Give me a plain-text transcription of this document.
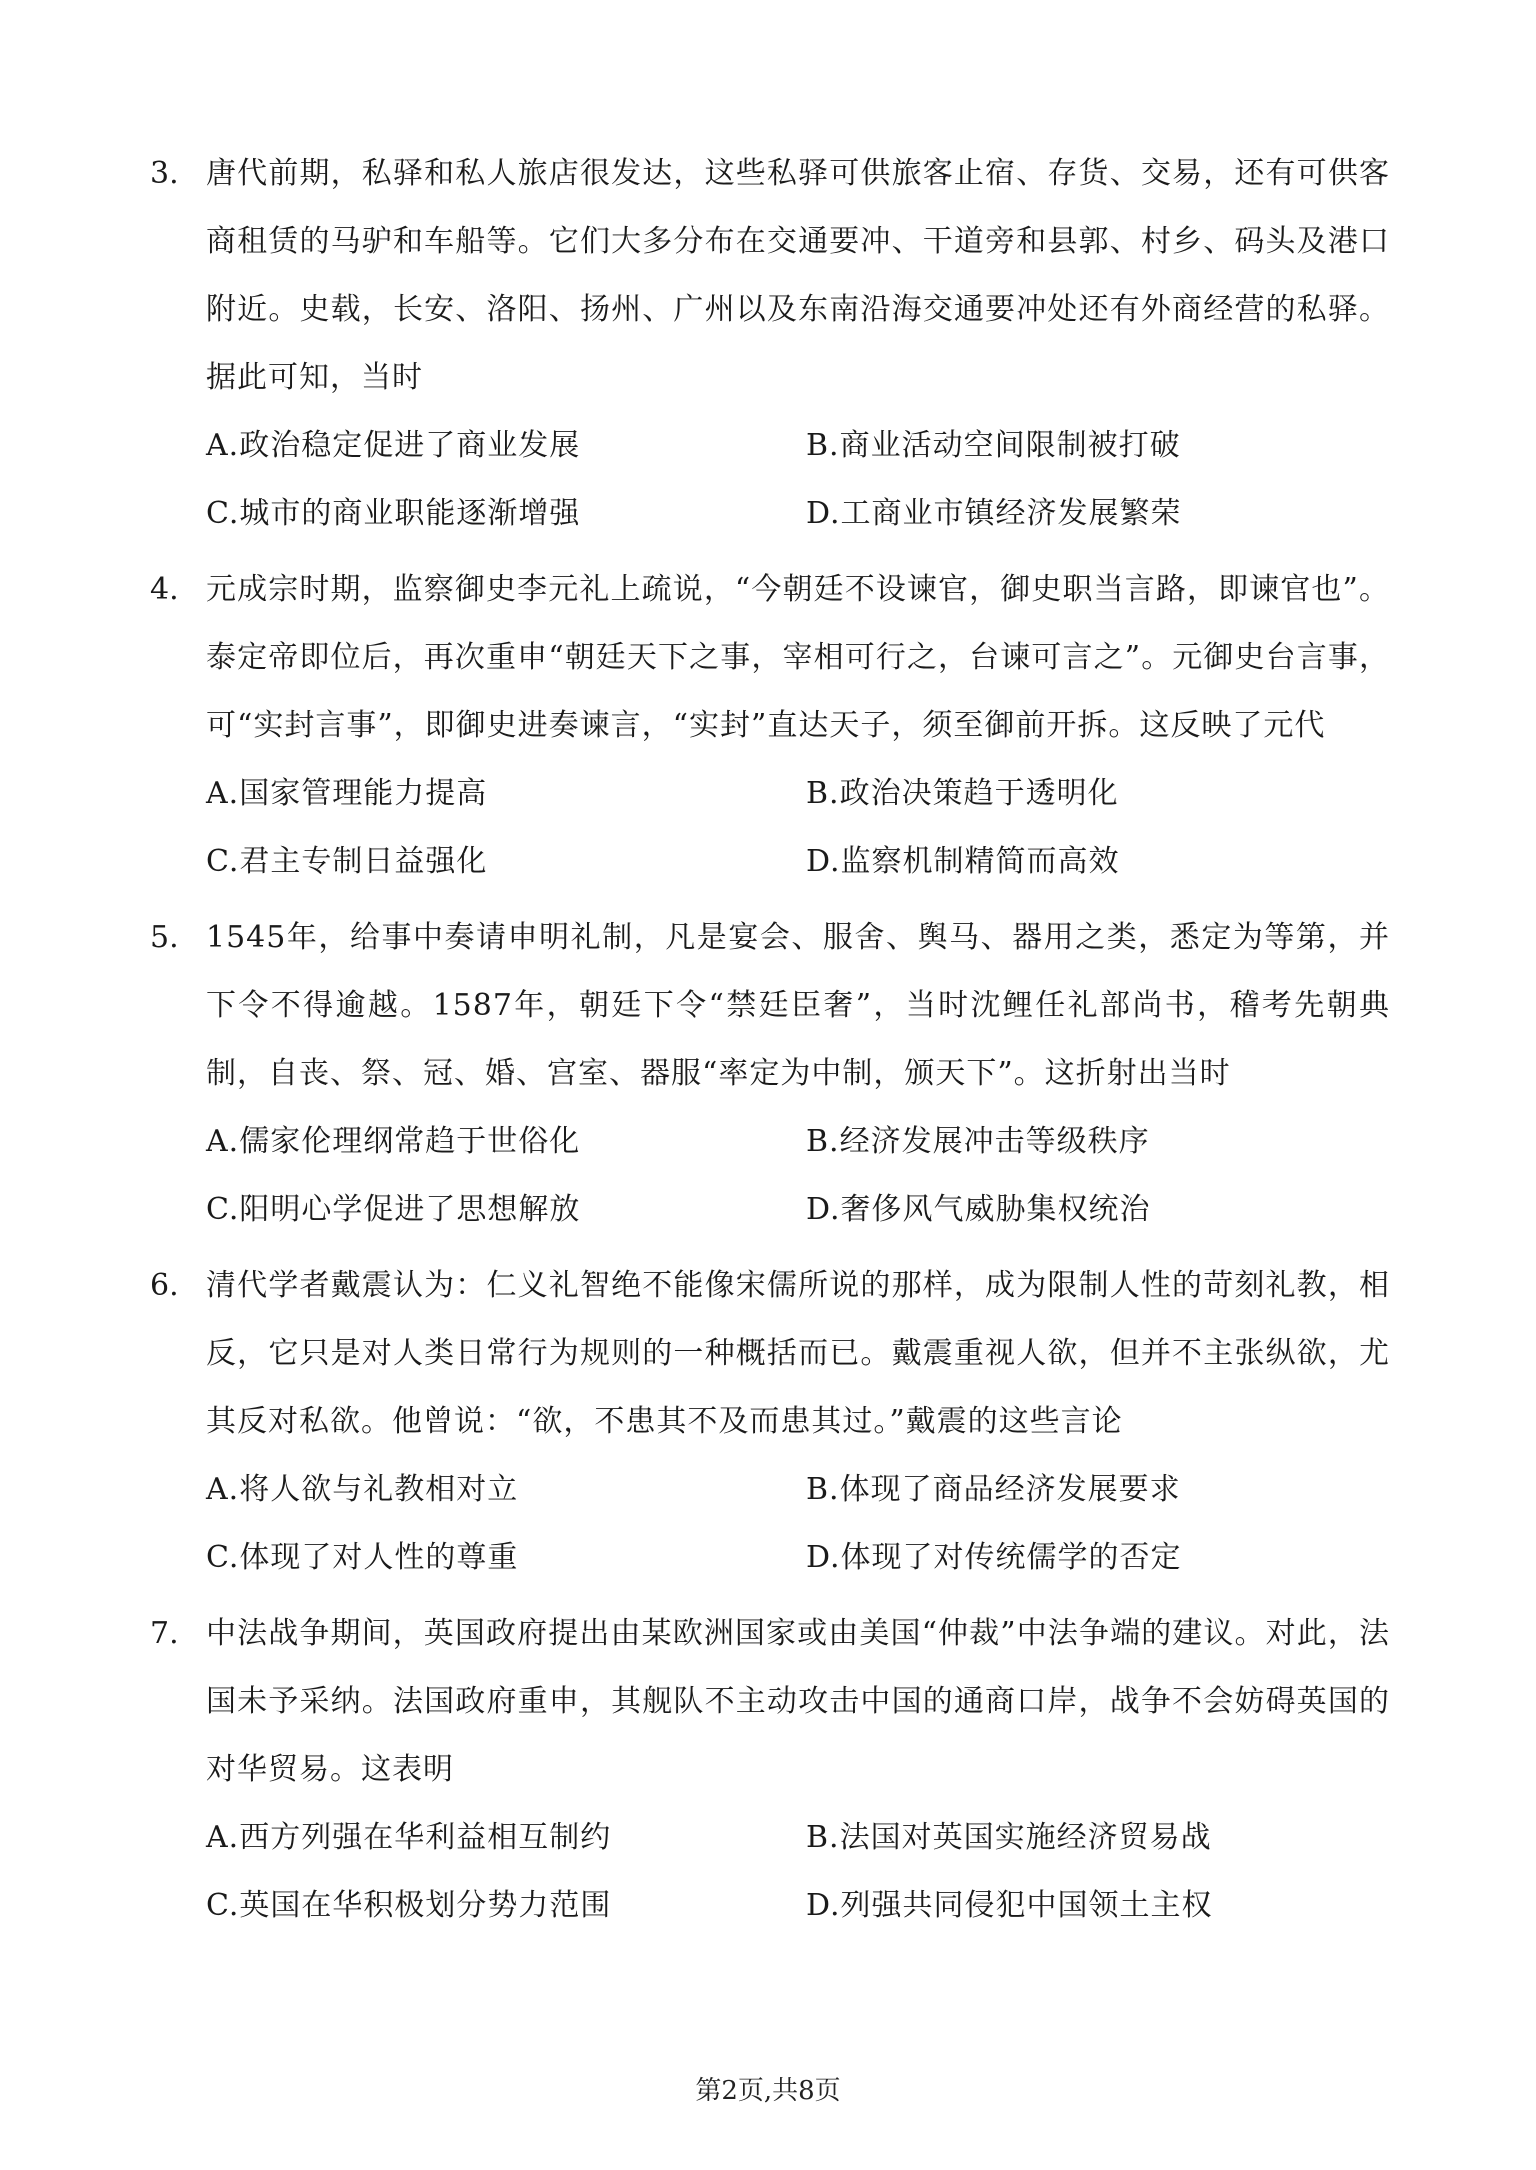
3. 唐代前期，私驿和私人旅店很发达，这些私驿可供旅客止宿、存货、交易，还有可供客商租赁的马驴和车船等。它们大多分布在交通要冲、干道旁和县郭、村乡、码头及港口附近。史载，长安、洛阳、扬州、广州以及东南沿海交通要冲处还有外商经营的私驿。据此可知，当时
A.政治稳定促进了商业发展	B.商业活动空间限制被打破
C.城市的商业职能逐渐增强	D.工商业市镇经济发展繁荣
4. 元成宗时期，监察御史李元礼上疏说，“今朝廷不设谏官，御史职当言路，即谏官也”。泰定帝即位后，再次重申“朝廷天下之事，宰相可行之，台谏可言之”。元御史台言事，可“实封言事”，即御史进奏谏言，“实封”直达天子，须至御前开拆。这反映了元代
A.国家管理能力提高	B.政治决策趋于透明化
C.君主专制日益强化	D.监察机制精简而高效
5. 1545年，给事中奏请申明礼制，凡是宴会、服舍、舆马、器用之类，悉定为等第，并下令不得逾越。1587年，朝廷下令“禁廷臣奢”，当时沈鲤任礼部尚书，稽考先朝典制，自丧、祭、冠、婚、宫室、器服“率定为中制，颁天下”。这折射出当时
A.儒家伦理纲常趋于世俗化	B.经济发展冲击等级秩序
C.阳明心学促进了思想解放	D.奢侈风气威胁集权统治
6. 清代学者戴震认为：仁义礼智绝不能像宋儒所说的那样，成为限制人性的苛刻礼教，相反，它只是对人类日常行为规则的一种概括而已。戴震重视人欲，但并不主张纵欲，尤其反对私欲。他曾说：“欲，不患其不及而患其过。”戴震的这些言论
A.将人欲与礼教相对立	B.体现了商品经济发展要求
C.体现了对人性的尊重	D.体现了对传统儒学的否定
7. 中法战争期间，英国政府提出由某欧洲国家或由美国“仲裁”中法争端的建议。对此，法国未予采纳。法国政府重申，其舰队不主动攻击中国的通商口岸，战争不会妨碍英国的对华贸易。这表明
A.西方列强在华利益相互制约	B.法国对英国实施经济贸易战
C.英国在华积极划分势力范围	D.列强共同侵犯中国领土主权
第2页,共8页
